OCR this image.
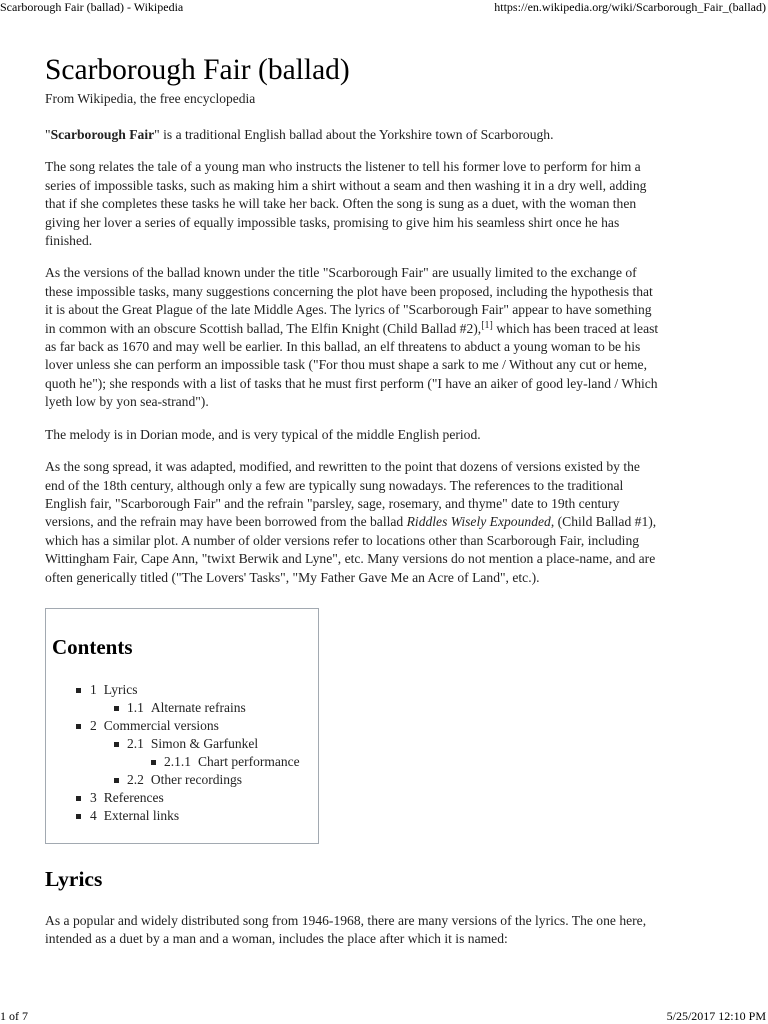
Scarborough Fair (ballad) - Wikipedia	https://en.wikipedia.org/wiki/Scarborough_Fair_(ballad)
Scarborough Fair (ballad)
From Wikipedia, the free encyclopedia

"Scarborough Fair" is a traditional English ballad about the Yorkshire town of Scarborough.

The song relates the tale of a young man who instructs the listener to tell his former love to perform for him a
series of impossible tasks, such as making him a shirt without a seam and then washing it in a dry well, adding
that if she completes these tasks he will take her back. Often the song is sung as a duet, with the woman then
giving her lover a series of equally impossible tasks, promising to give him his seamless shirt once he has
finished.

As the versions of the ballad known under the title "Scarborough Fair" are usually limited to the exchange of
these impossible tasks, many suggestions concerning the plot have been proposed, including the hypothesis that
it is about the Great Plague of the late Middle Ages. The lyrics of "Scarborough Fair" appear to have something
in common with an obscure Scottish ballad, The Elfin Knight (Child Ballad #2),[1] which has been traced at least
as far back as 1670 and may well be earlier. In this ballad, an elf threatens to abduct a young woman to be his
lover unless she can perform an impossible task ("For thou must shape a sark to me / Without any cut or heme,
quoth he"); she responds with a list of tasks that he must first perform ("I have an aiker of good ley-land / Which
lyeth low by yon sea-strand").

The melody is in Dorian mode, and is very typical of the middle English period.

As the song spread, it was adapted, modified, and rewritten to the point that dozens of versions existed by the
end of the 18th century, although only a few are typically sung nowadays. The references to the traditional
English fair, "Scarborough Fair" and the refrain "parsley, sage, rosemary, and thyme" date to 19th century
versions, and the refrain may have been borrowed from the ballad Riddles Wisely Expounded, (Child Ballad #1),
which has a similar plot. A number of older versions refer to locations other than Scarborough Fair, including
Wittingham Fair, Cape Ann, "twixt Berwik and Lyne", etc. Many versions do not mention a place-name, and are
often generically titled ("The Lovers' Tasks", "My Father Gave Me an Acre of Land", etc.).

Contents
1 Lyrics
1.1 Alternate refrains
2 Commercial versions
2.1 Simon & Garfunkel
2.1.1 Chart performance
2.2 Other recordings
3 References
4 External links
Lyrics

As a popular and widely distributed song from 1946-1968, there are many versions of the lyrics. The one here,
intended as a duet by a man and a woman, includes the place after which it is named:

1 of 7	5/25/2017 12:10 PM
